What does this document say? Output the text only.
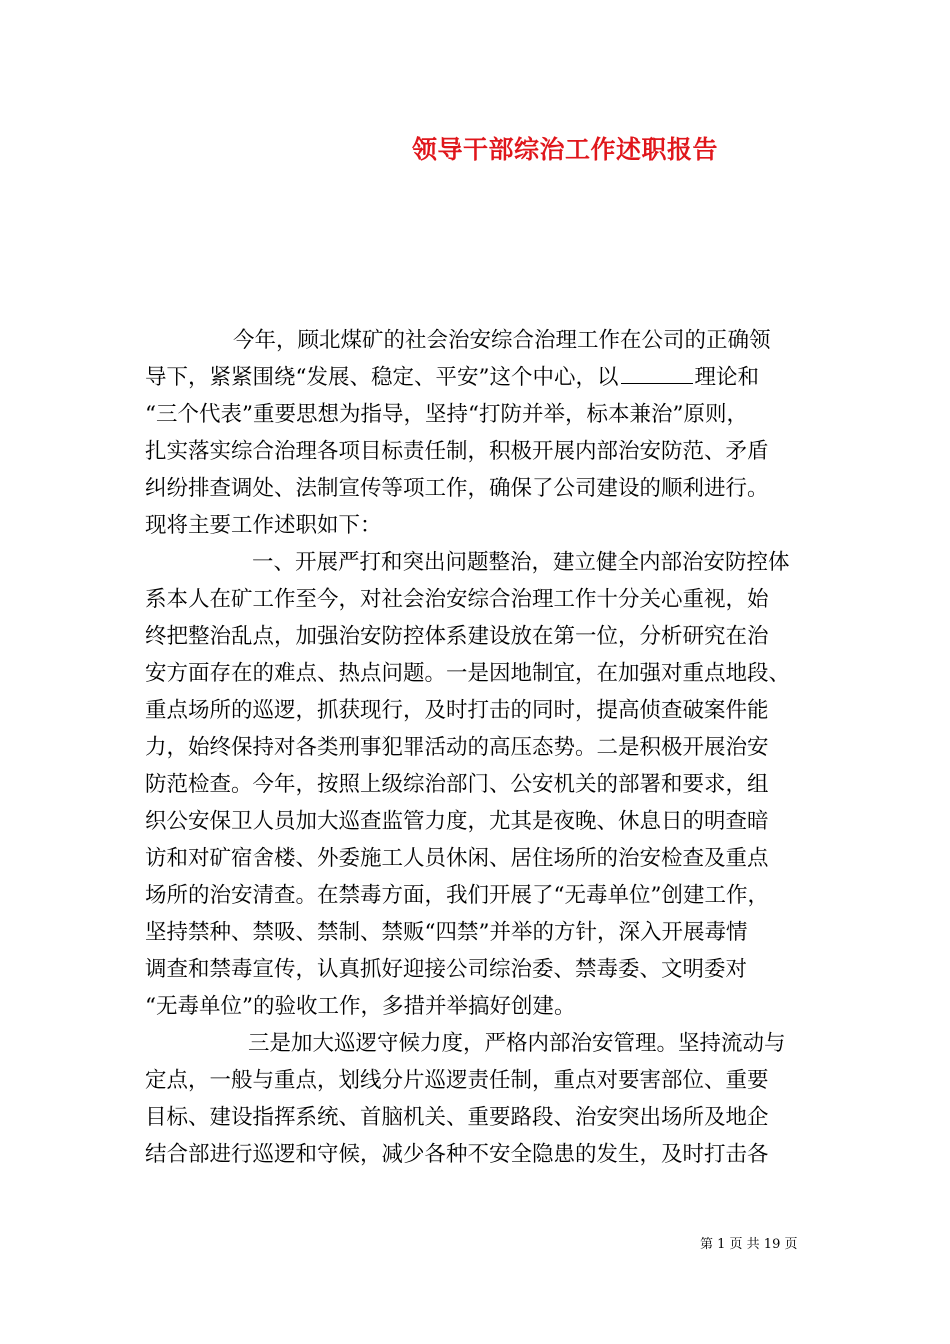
领导干部综治工作述职报告
今年，顾北煤矿的社会治安综合治理工作在公司的正确领
导下，紧紧围绕“发展、稳定、平安”这个中心，以	理论和
“三个代表”重要思想为指导，坚持“打防并举，标本兼治”原则，
扎实落实综合治理各项目标责任制，积极开展内部治安防范、矛盾
纠纷排查调处、法制宣传等项工作，确保了公司建设的顺利进行。
现将主要工作述职如下：
一、开展严打和突出问题整治，建立健全内部治安防控体
系本人在矿工作至今，对社会治安综合治理工作十分关心重视，始
终把整治乱点，加强治安防控体系建设放在第一位，分析研究在治
安方面存在的难点、热点问题。一是因地制宜，在加强对重点地段、
重点场所的巡逻，抓获现行，及时打击的同时，提高侦查破案件能
力，始终保持对各类刑事犯罪活动的高压态势。二是积极开展治安
防范检查。今年，按照上级综治部门、公安机关的部署和要求，组
织公安保卫人员加大巡查监管力度，尤其是夜晚、休息日的明查暗
访和对矿宿舍楼、外委施工人员休闲、居住场所的治安检查及重点
场所的治安清查。在禁毒方面，我们开展了“无毒单位”创建工作，
坚持禁种、禁吸、禁制、禁贩“四禁”并举的方针，深入开展毒情
调查和禁毒宣传，认真抓好迎接公司综治委、禁毒委、文明委对
“无毒单位”的验收工作，多措并举搞好创建。
三是加大巡逻守候力度，严格内部治安管理。坚持流动与
定点，一般与重点，划线分片巡逻责任制，重点对要害部位、重要
目标、建设指挥系统、首脑机关、重要路段、治安突出场所及地企
结合部进行巡逻和守候，减少各种不安全隐患的发生，及时打击各
第 1 页 共 19 页
